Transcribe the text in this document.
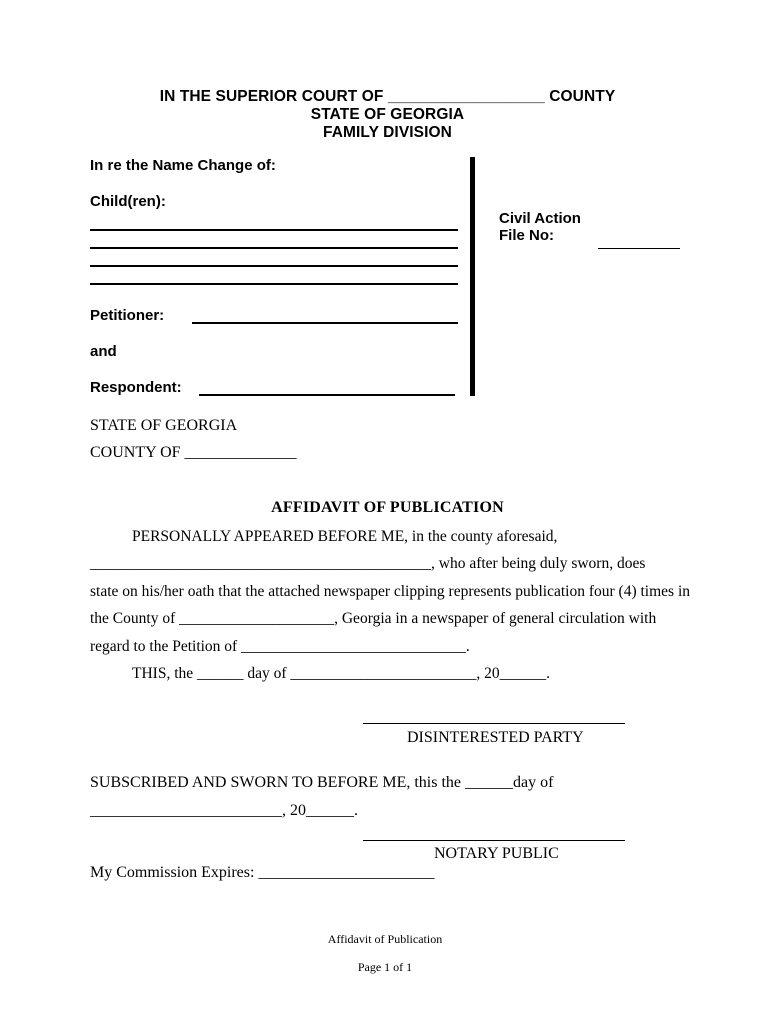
IN THE SUPERIOR COURT OF __________________ COUNTY
STATE OF GEORGIA
FAMILY DIVISION
In re the Name Change of:
Child(ren):
Petitioner:
and
Respondent:
Civil Action
File No:
STATE OF GEORGIA
COUNTY OF ______________
AFFIDAVIT OF PUBLICATION
PERSONALLY APPEARED BEFORE ME, in the county aforesaid,
____________________________________________, who after being duly sworn, does
state on his/her oath that the attached newspaper clipping represents publication four (4) times in
the County of ____________________, Georgia in a newspaper of general circulation with
regard to the Petition of _____________________________.
THIS, the ______ day of ________________________, 20______.
DISINTERESTED PARTY
SUBSCRIBED AND SWORN TO BEFORE ME, this the ______day of
________________________, 20______.
NOTARY PUBLIC
My Commission Expires: ______________________
Affidavit of Publication
Page 1 of 1
